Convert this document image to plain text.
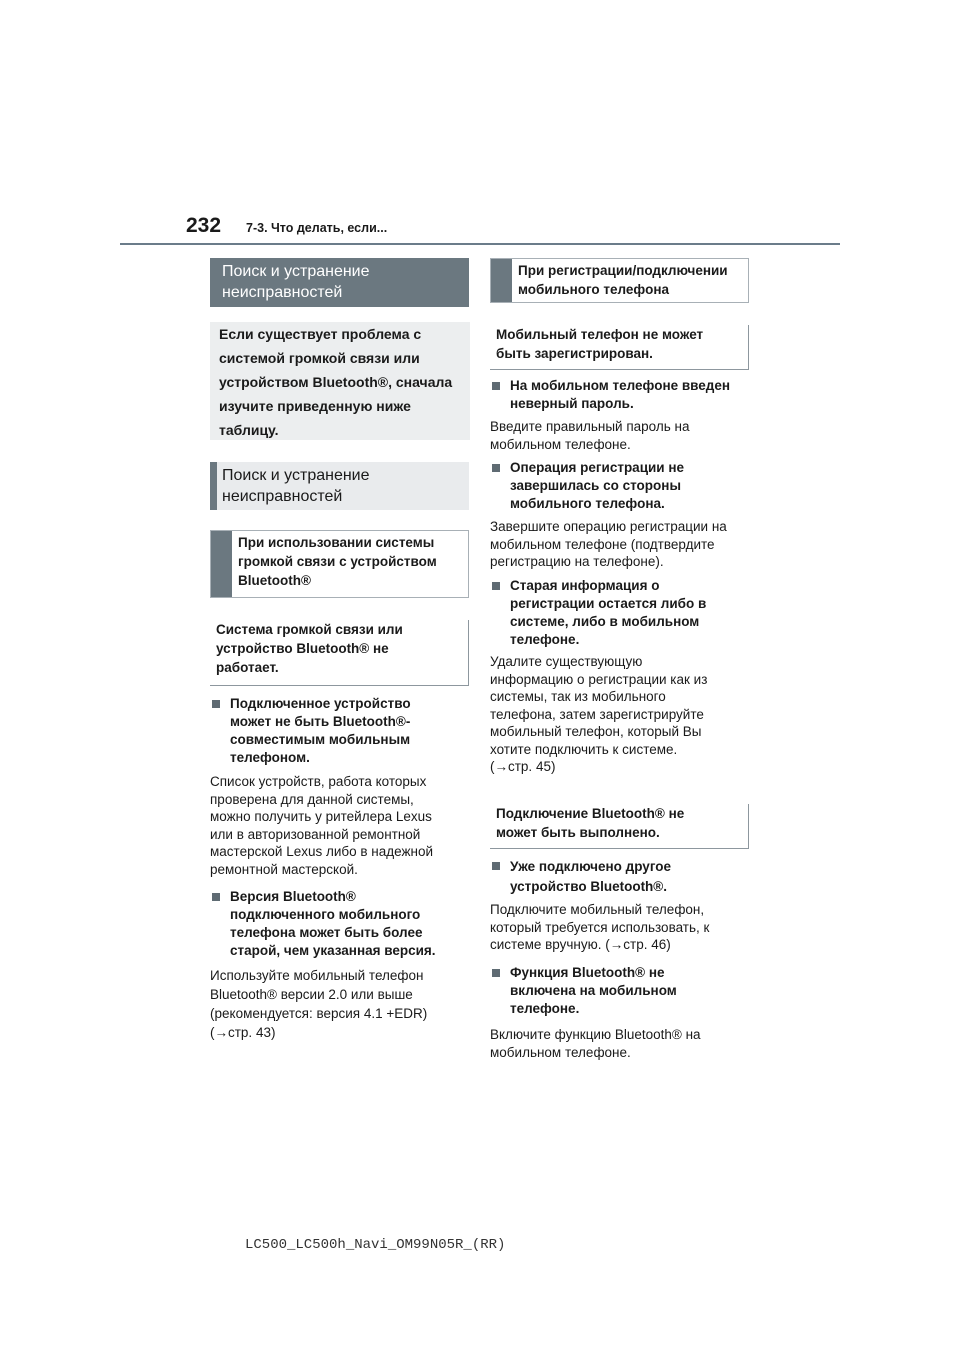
232 7-3. Что делать, если...
Поиск и устранение неисправностей
Если существует проблема с системой громкой связи или устройством Bluetooth®, сначала изучите приведенную ниже таблицу.
Поиск и устранение неисправностей
При использовании системы
громкой связи с устройством
Bluetooth®
Система громкой связи или
устройство Bluetooth® не
работает.
Подключенное устройство
может не быть Bluetooth®-
совместимым мобильным
телефоном.
Список устройств, работа которых
проверена для данной системы,
можно получить у ритейлера Lexus
или в авторизованной ремонтной
мастерской Lexus либо в надежной
ремонтной мастерской.
Версия Bluetooth®
подключенного мобильного
телефона может быть более
старой, чем указанная версия.
Используйте мобильный телефон
Bluetooth® версии 2.0 или выше
(рекомендуется: версия 4.1 +EDR)
(→стр. 43)
При регистрации/подключении
мобильного телефона
Мобильный телефон не может
быть зарегистрирован.
На мобильном телефоне введен
неверный пароль.
Введите правильный пароль на
мобильном телефоне.
Операция регистрации не
завершилась со стороны
мобильного телефона.
Завершите операцию регистрации на
мобильном телефоне (подтвердите
регистрацию на телефоне).
Старая информация о
регистрации остается либо в
системе, либо в мобильном
телефоне.
Удалите существующую
информацию о регистрации как из
системы, так из мобильного
телефона, затем зарегистрируйте
мобильный телефон, который Вы
хотите подключить к системе.
(→стр. 45)
Подключение Bluetooth® не
может быть выполнено.
Уже подключено другое
устройство Bluetooth®.
Подключите мобильный телефон,
который требуется использовать, к
системе вручную. (→стр. 46)
Функция Bluetooth® не
включена на мобильном
телефоне.
Включите функцию Bluetooth® на
мобильном телефоне.
LC500_LC500h_Navi_OM99N05R_(RR)
